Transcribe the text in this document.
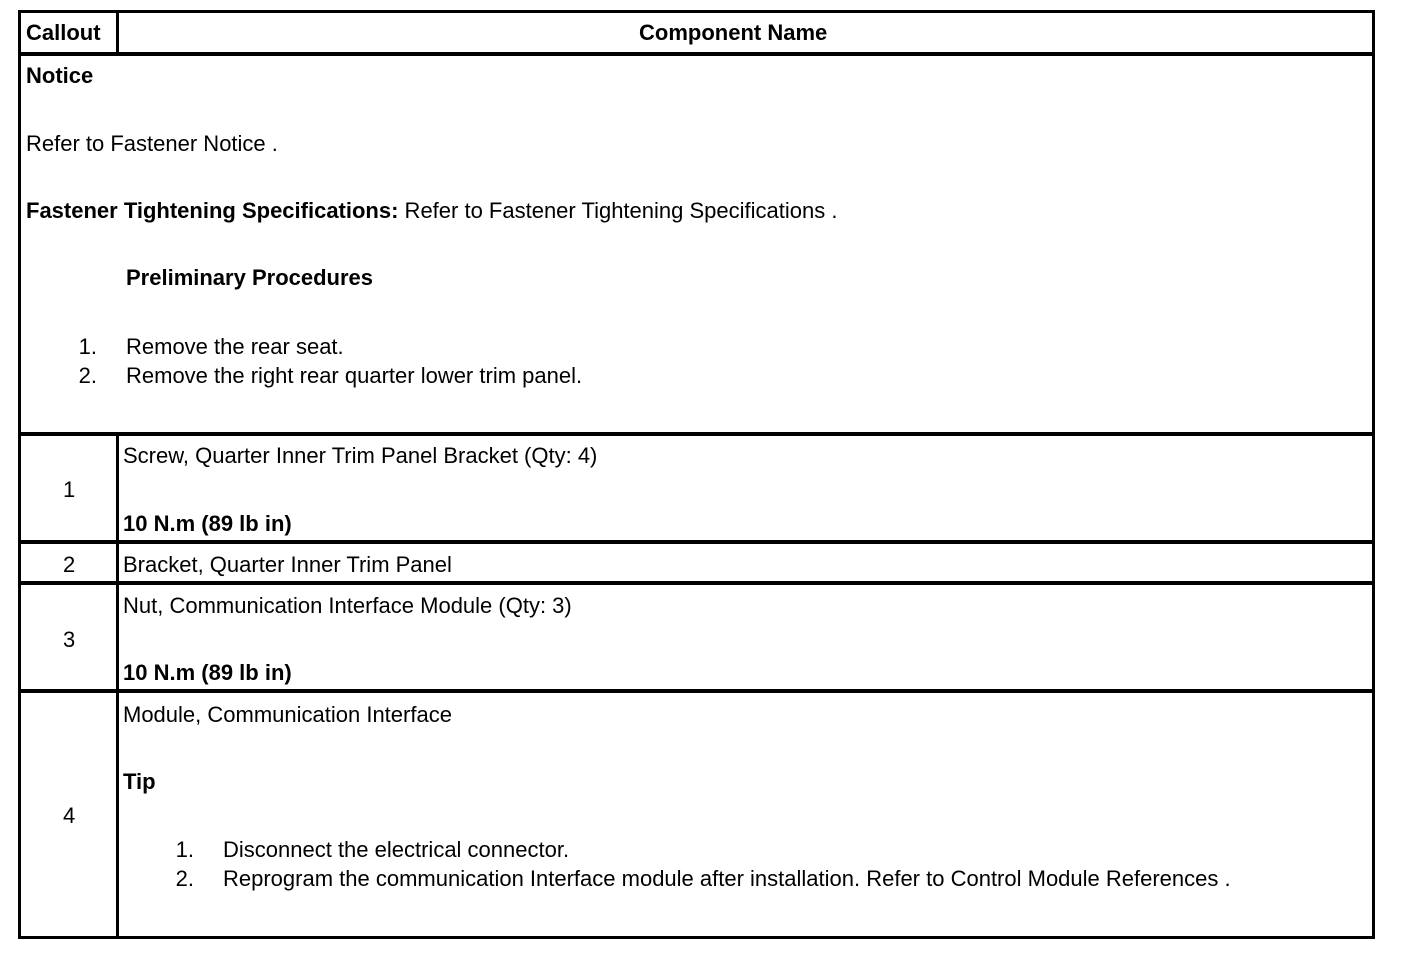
Callout	Component Name
Notice
Refer to Fastener Notice .
Fastener Tightening Specifications: Refer to Fastener Tightening Specifications .
Preliminary Procedures
1. Remove the rear seat.
2. Remove the right rear quarter lower trim panel.
1
Screw, Quarter Inner Trim Panel Bracket (Qty: 4)
10 N.m (89 lb in)
2 Bracket, Quarter Inner Trim Panel
3
Nut, Communication Interface Module (Qty: 3)
10 N.m (89 lb in)
4
Module, Communication Interface
Tip
1. Disconnect the electrical connector.
2. Reprogram the communication Interface module after installation. Refer to Control Module References .
